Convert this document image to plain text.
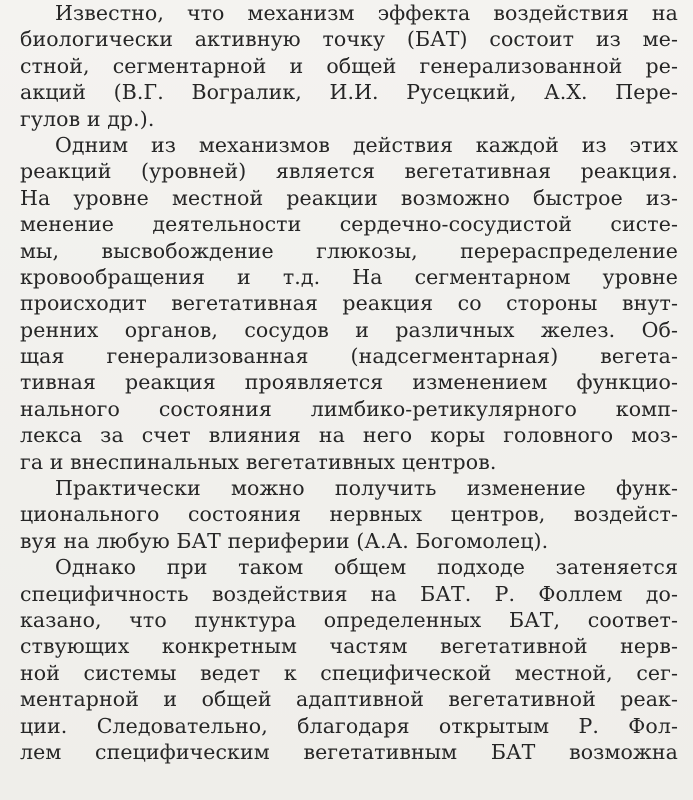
Известно, что механизм эффекта воздействия на
биологически активную точку (БАТ) состоит из ме-
стной, сегментарной и общей генерализованной ре-
акций (В.Г. Вогралик, И.И. Русецкий, А.Х. Пере-
гулов и др.).
Одним из механизмов действия каждой из этих
реакций (уровней) является вегетативная реакция.
На уровне местной реакции возможно быстрое из-
менение деятельности сердечно-сосудистой систе-
мы, высвобождение глюкозы, перераспределение
кровообращения и т.д. На сегментарном уровне
происходит вегетативная реакция со стороны внут-
ренних органов, сосудов и различных желез. Об-
щая генерализованная (надсегментарная) вегета-
тивная реакция проявляется изменением функцио-
нального состояния лимбико-ретикулярного комп-
лекса за счет влияния на него коры головного моз-
га и внеспинальных вегетативных центров.
Практически можно получить изменение функ-
ционального состояния нервных центров, воздейст-
вуя на любую БАТ периферии (А.А. Богомолец).
Однако при таком общем подходе затеняется
специфичность воздействия на БАТ. Р. Фоллем до-
казано, что пунктура определенных БАТ, соответ-
ствующих конкретным частям вегетативной нерв-
ной системы ведет к специфической местной, сег-
ментарной и общей адаптивной вегетативной реак-
ции. Следовательно, благодаря открытым Р. Фол-
лем специфическим вегетативным БАТ возможна
